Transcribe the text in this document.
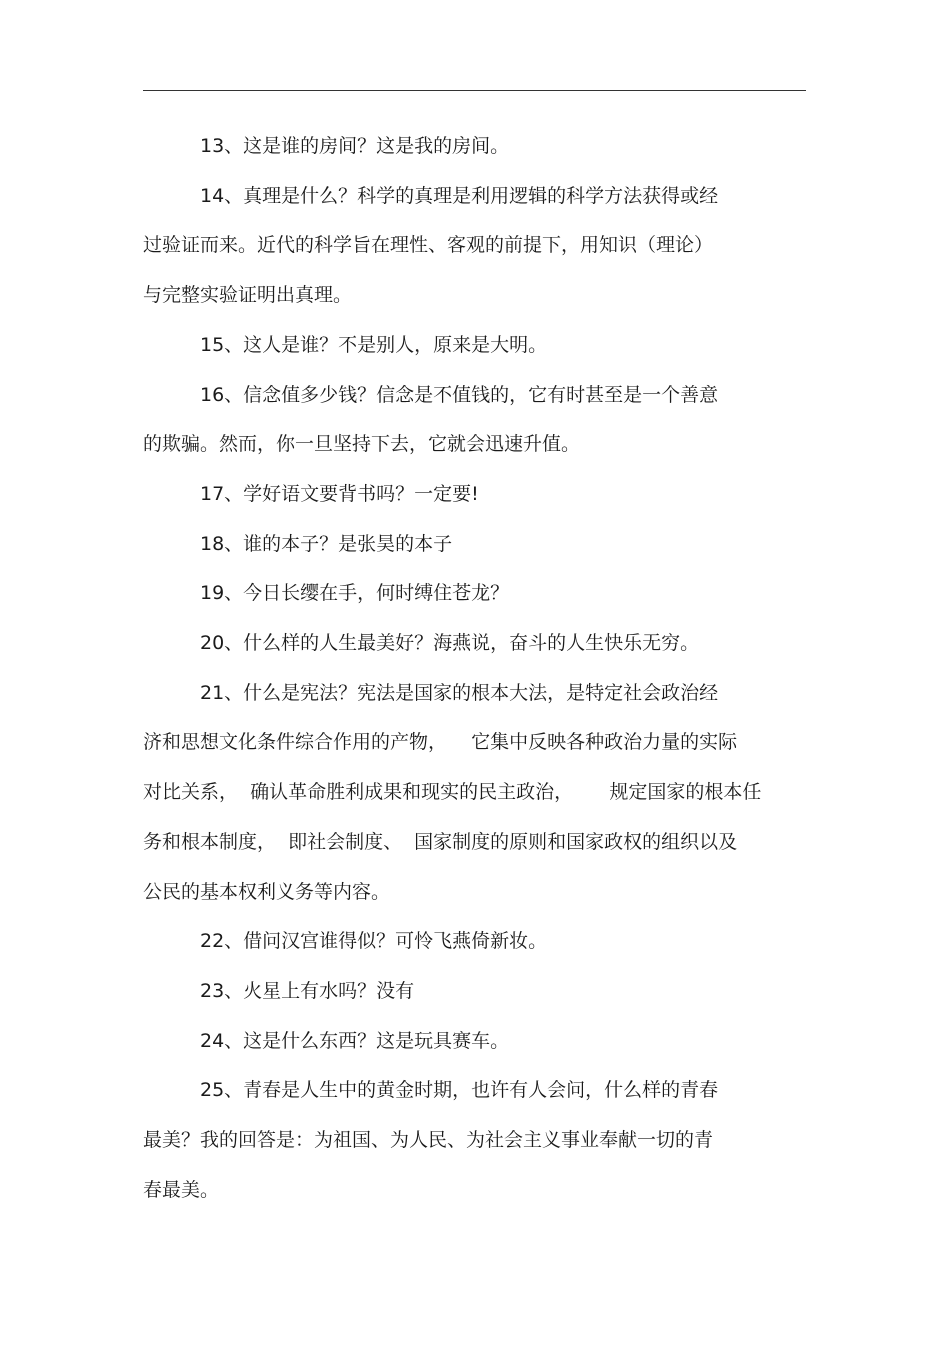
13、这是谁的房间？这是我的房间。

14、真理是什么？科学的真理是利用逻辑的科学方法获得或经
过验证而来。近代的科学旨在理性、客观的前提下，用知识（理论）
与完整实验证明出真理。

15、这人是谁？不是别人，原来是大明。

16、信念值多少钱？信念是不值钱的，它有时甚至是一个善意
的欺骗。然而，你一旦坚持下去，它就会迅速升值。

17、学好语文要背书吗？一定要!

18、谁的本子？是张昊的本子

19、今日长缨在手，何时缚住苍龙？

20、什么样的人生最美好？海燕说，奋斗的人生快乐无穷。

21、什么是宪法？宪法是国家的根本大法，是特定社会政治经
济和思想文化条件综合作用的产物，    它集中反映各种政治力量的实际
对比关系，  确认革命胜利成果和现实的民主政治，      规定国家的根本任
务和根本制度，  即社会制度、  国家制度的原则和国家政权的组织以及
公民的基本权利义务等内容。

22、借问汉宫谁得似？可怜飞燕倚新妆。

23、火星上有水吗？没有

24、这是什么东西？这是玩具赛车。

25、青春是人生中的黄金时期，也许有人会问，什么样的青春
最美？我的回答是：为祖国、为人民、为社会主义事业奉献一切的青
春最美。
